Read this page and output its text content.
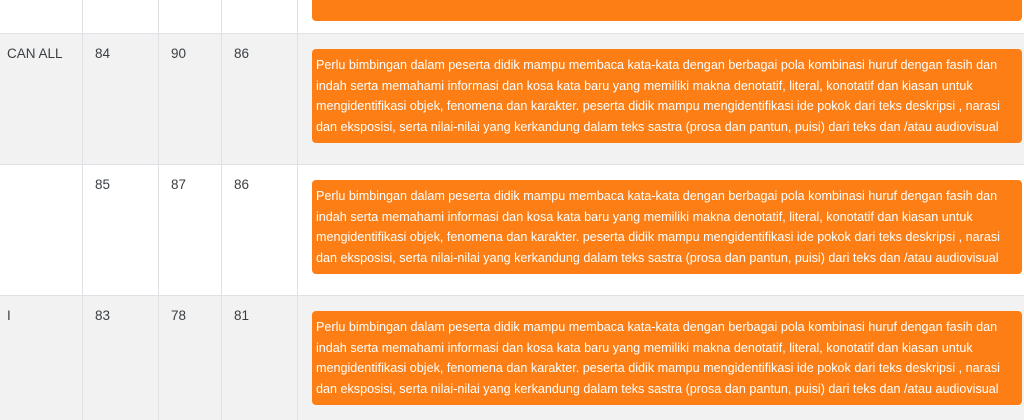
CAN ALL	84	90	86	Perlu bimbingan dalam peserta didik mampu membaca kata-kata dengan berbagai pola kombinasi huruf dengan fasih dan indah serta memahami informasi dan kosa kata baru yang memiliki makna denotatif, literal, konotatif dan kiasan untuk mengidentifikasi objek, fenomena dan karakter. peserta didik mampu mengidentifikasi ide pokok dari teks deskripsi , narasi dan eksposisi, serta nilai-nilai yang kerkandung dalam teks sastra (prosa dan pantun, puisi) dari teks dan /atau audiovisual

	85	87	86	Perlu bimbingan dalam peserta didik mampu membaca kata-kata dengan berbagai pola kombinasi huruf dengan fasih dan indah serta memahami informasi dan kosa kata baru yang memiliki makna denotatif, literal, konotatif dan kiasan untuk mengidentifikasi objek, fenomena dan karakter. peserta didik mampu mengidentifikasi ide pokok dari teks deskripsi , narasi dan eksposisi, serta nilai-nilai yang kerkandung dalam teks sastra (prosa dan pantun, puisi) dari teks dan /atau audiovisual

I	83	78	81	Perlu bimbingan dalam peserta didik mampu membaca kata-kata dengan berbagai pola kombinasi huruf dengan fasih dan indah serta memahami informasi dan kosa kata baru yang memiliki makna denotatif, literal, konotatif dan kiasan untuk mengidentifikasi objek, fenomena dan karakter. peserta didik mampu mengidentifikasi ide pokok dari teks deskripsi , narasi dan eksposisi, serta nilai-nilai yang kerkandung dalam teks sastra (prosa dan pantun, puisi) dari teks dan /atau audiovisual
